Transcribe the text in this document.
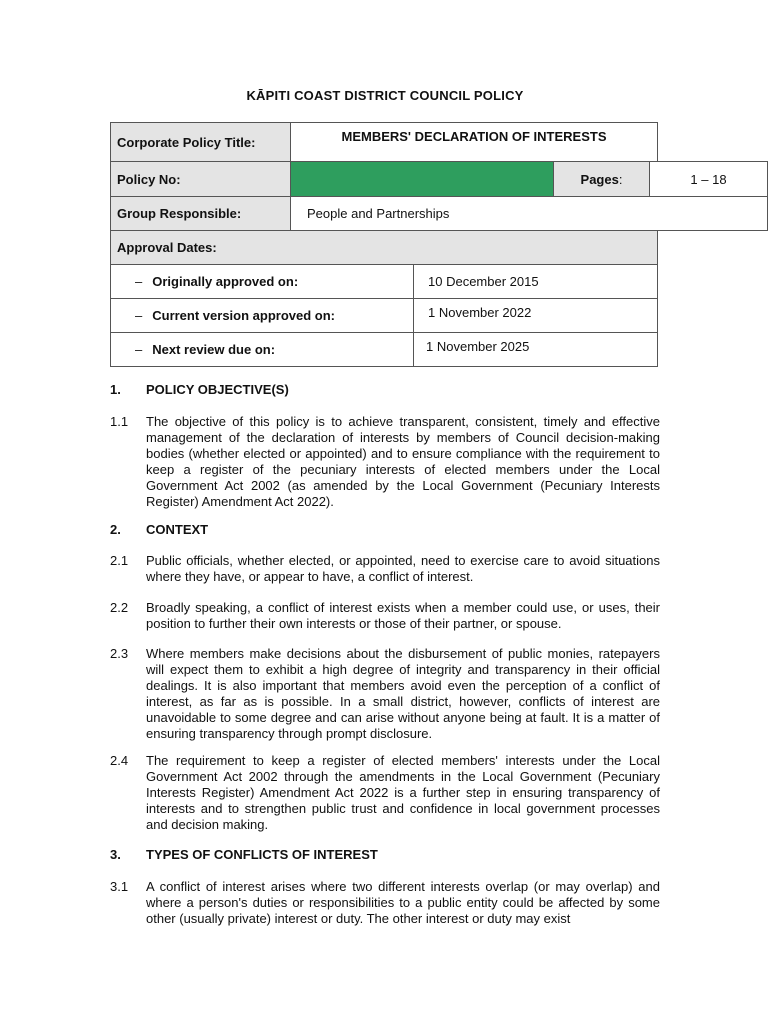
KĀPITI COAST DISTRICT COUNCIL POLICY
Corporate Policy Title:	MEMBERS' DECLARATION OF INTERESTS
Policy No:	Pages :	1 – 18
Group Responsible:	People and Partnerships
Approval Dates:
– Originally approved on:	10 December 2015
– Current version approved on:	1 November 2022
– Next review due on:	1 November 2025
1. POLICY OBJECTIVE(S)
1.1 The objective of this policy is to achieve transparent, consistent, timely and effective management of the declaration of interests by members of Council decision-making bodies (whether elected or appointed) and to ensure compliance with the requirement to keep a register of the pecuniary interests of elected members under the Local Government Act 2002 (as amended by the Local Government (Pecuniary Interests Register) Amendment Act 2022).
2. CONTEXT
2.1 Public officials, whether elected, or appointed, need to exercise care to avoid situations where they have, or appear to have, a conflict of interest.
2.2 Broadly speaking, a conflict of interest exists when a member could use, or uses, their position to further their own interests or those of their partner, or spouse.
2.3 Where members make decisions about the disbursement of public monies, ratepayers will expect them to exhibit a high degree of integrity and transparency in their official dealings. It is also important that members avoid even the perception of a conflict of interest, as far as is possible. In a small district, however, conflicts of interest are unavoidable to some degree and can arise without anyone being at fault. It is a matter of ensuring transparency through prompt disclosure.
2.4 The requirement to keep a register of elected members' interests under the Local Government Act 2002 through the amendments in the Local Government (Pecuniary Interests Register) Amendment Act 2022 is a further step in ensuring transparency of interests and to strengthen public trust and confidence in local government processes and decision making.
3. TYPES OF CONFLICTS OF INTEREST
3.1 A conflict of interest arises where two different interests overlap (or may overlap) and where a person's duties or responsibilities to a public entity could be affected by some other (usually private) interest or duty. The other interest or duty may exist
